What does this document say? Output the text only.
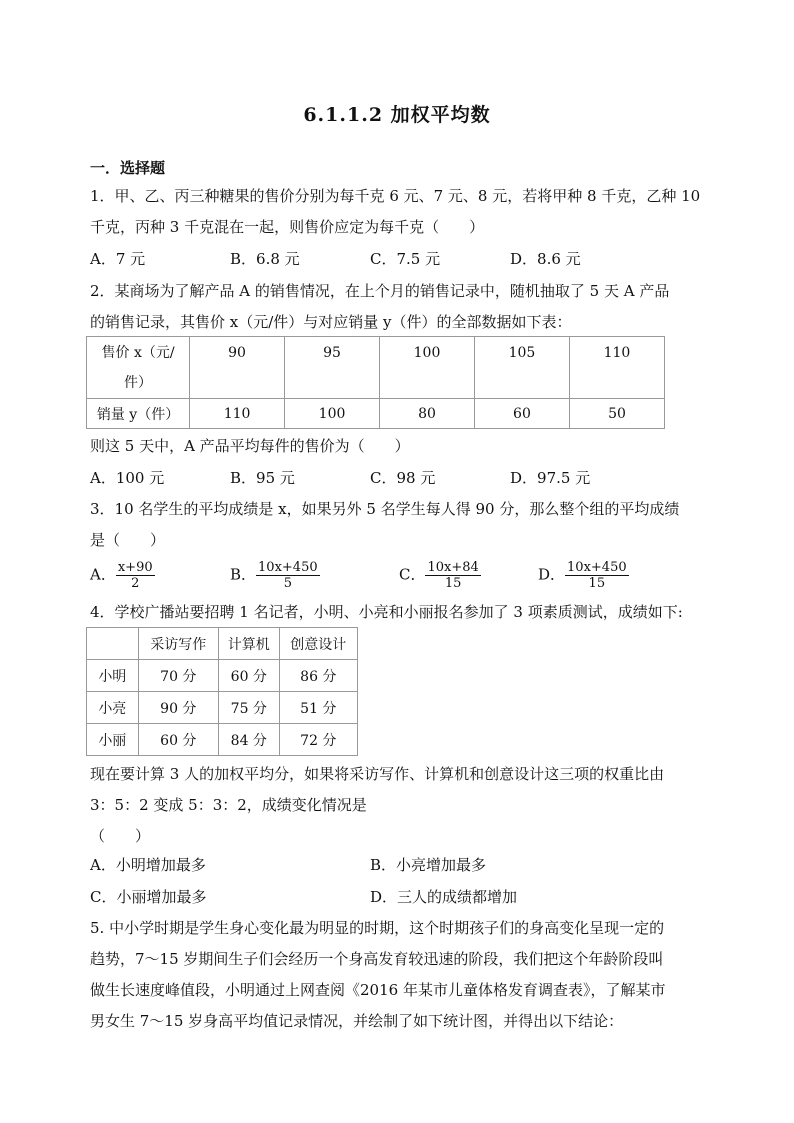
6.1.1.2 加权平均数
一．选择题
1．甲、乙、丙三种糖果的售价分别为每千克 6 元、7 元、8 元，若将甲种 8 千克，乙种 10
千克，丙种 3 千克混在一起，则售价应定为每千克（　　）
A．7 元	B．6.8 元	C．7.5 元	D．8.6 元
2．某商场为了解产品 A 的销售情况，在上个月的销售记录中，随机抽取了 5 天 A 产品
的销售记录，其售价 x（元/件）与对应销量 y（件）的全部数据如下表：
售价 x（元/
件）	90	95	100	105	110
销量 y（件）	110	100	80	60	50
则这 5 天中，A 产品平均每件的售价为（　　）
A．100 元	B．95 元	C．98 元	D．97.5 元
3．10 名学生的平均成绩是 x，如果另外 5 名学生每人得 90 分，那么整个组的平均成绩
是（　　）
A． $\frac{x+90}{2}$	B． $\frac{10x+450}{5}$	C． $\frac{10x+84}{15}$	D． $\frac{10x+450}{15}$
4．学校广播站要招聘 1 名记者，小明、小亮和小丽报名参加了 3 项素质测试，成绩如下:
	采访写作	计算机	创意设计
小明	70 分	60 分	86 分
小亮	90 分	75 分	51 分
小丽	60 分	84 分	72 分
现在要计算 3 人的加权平均分，如果将采访写作、计算机和创意设计这三项的权重比由
3：5：2 变成 5：3：2，成绩变化情况是
（　　）
A．小明增加最多	B．小亮增加最多
C．小丽增加最多	D．三人的成绩都增加
5. 中小学时期是学生身心变化最为明显的时期，这个时期孩子们的身高变化呈现一定的
趋势，7～15 岁期间生子们会经历一个身高发育较迅速的阶段，我们把这个年龄阶段叫
做生长速度峰值段，小明通过上网查阅《2016 年某市儿童体格发育调查表》，了解某市
男女生 7～15 岁身高平均值记录情况，并绘制了如下统计图，并得出以下结论：
